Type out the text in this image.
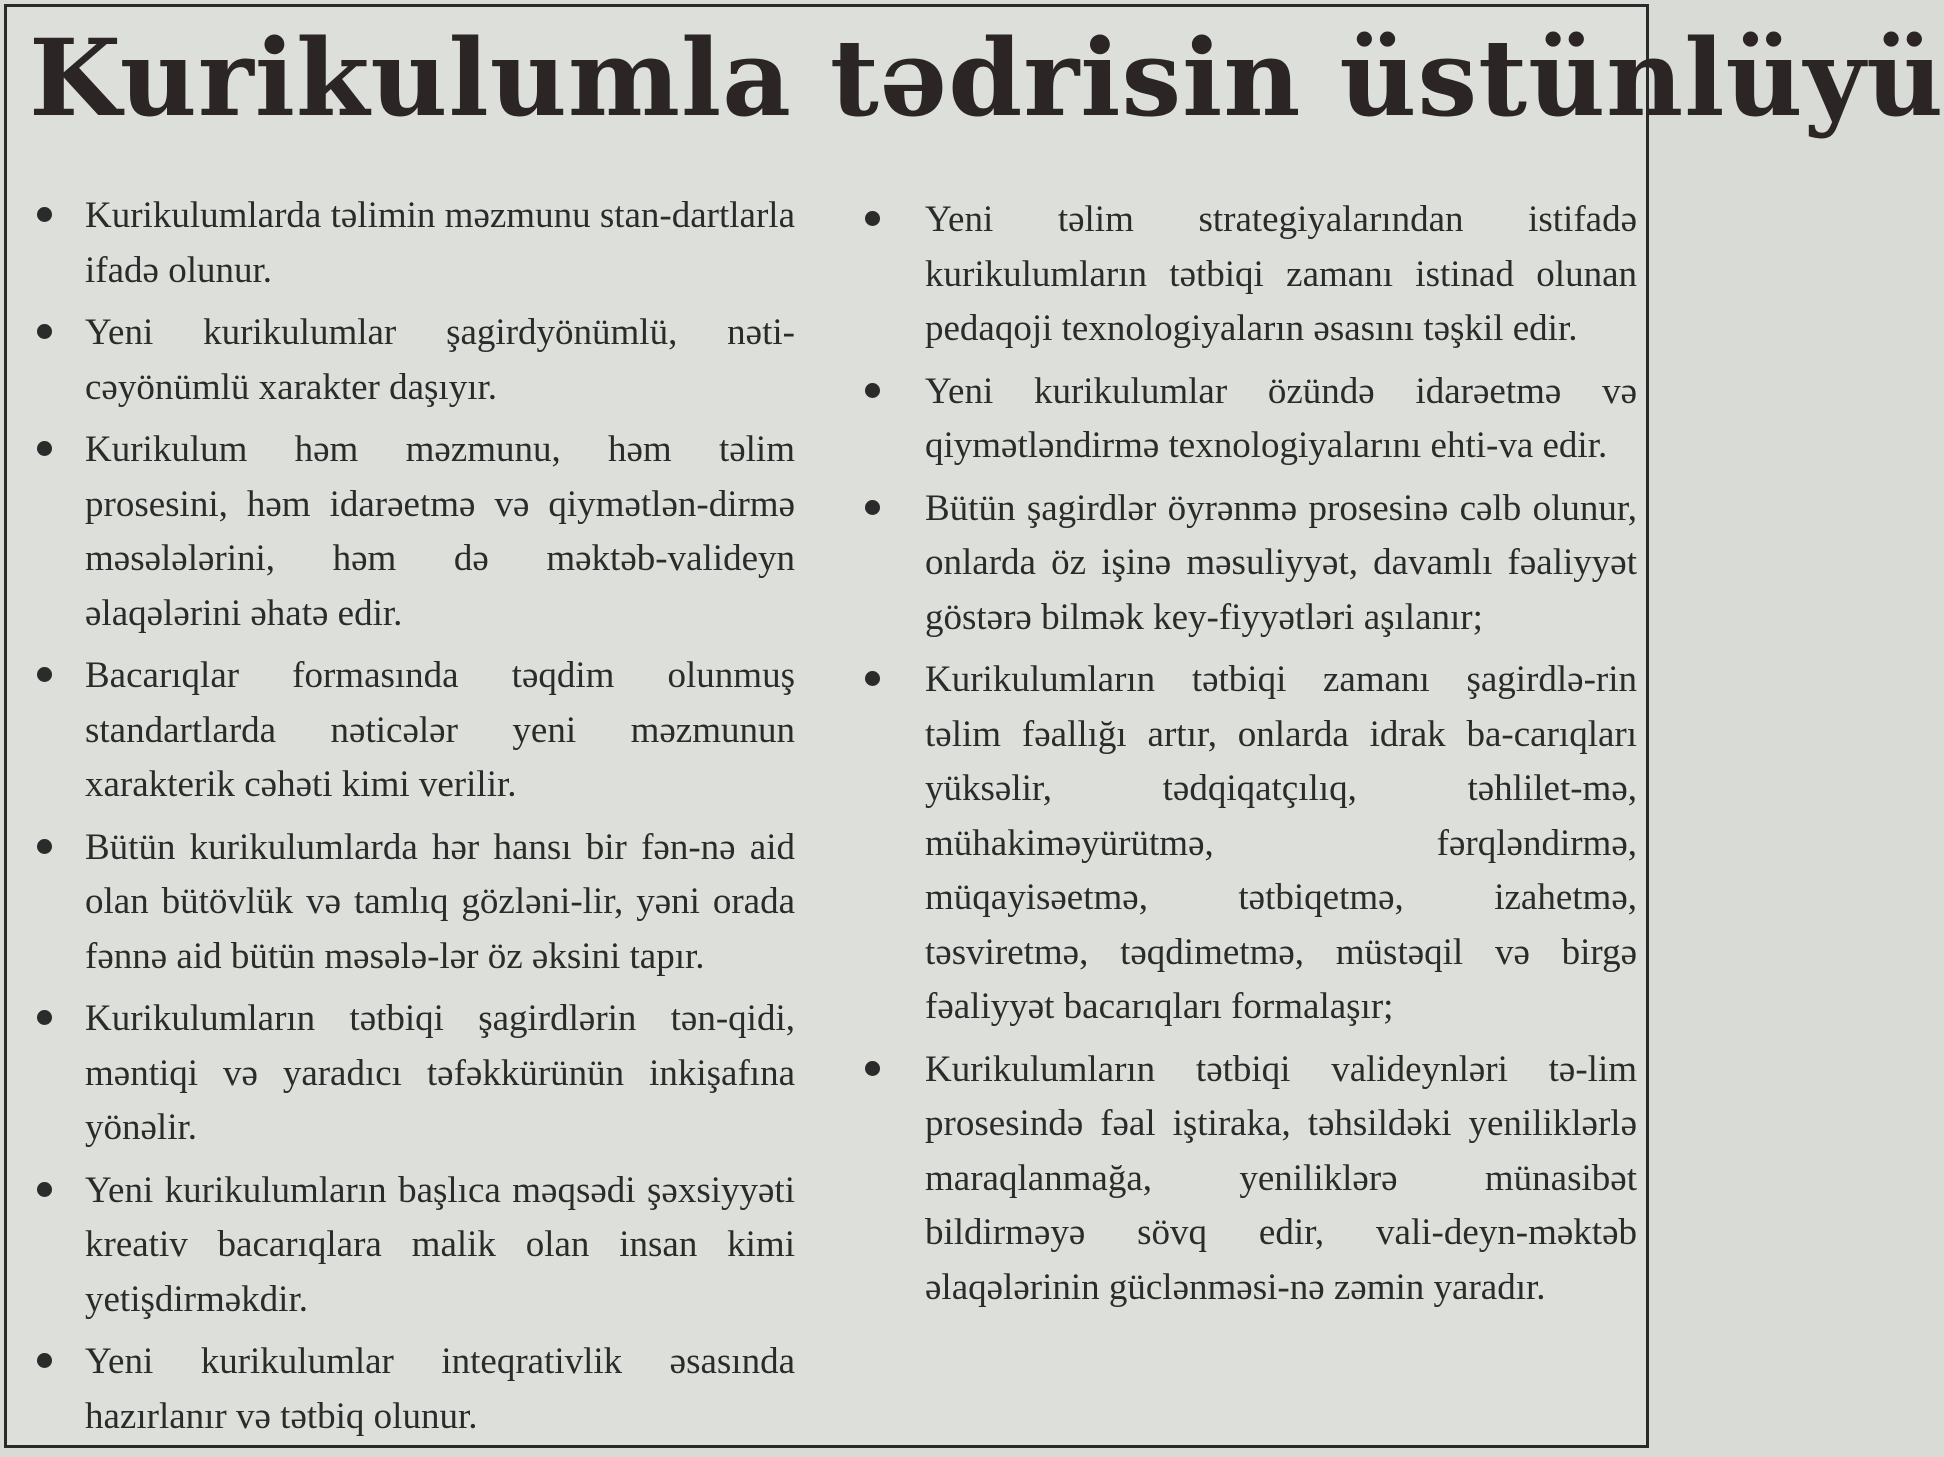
Kurikulumla tədrisin üstünlüyü
Kurikulumlarda təlimin məzmunu stan-dartlarla ifadə olunur.
Yeni kurikulumlar şagirdyönümlü, nəti-cəyönümlü xarakter daşıyır.
Kurikulum həm məzmunu, həm təlim prosesini, həm idarəetmə və qiymətlən-dirmə məsələlərini, həm də məktəb-valideyn əlaqələrini əhatə edir.
Bacarıqlar formasında təqdim olunmuş standartlarda nəticələr yeni məzmunun xarakterik cəhəti kimi verilir.
Bütün kurikulumlarda hər hansı bir fən-nə aid olan bütövlük və tamlıq gözləni-lir, yəni orada fənnə aid bütün məsələ-lər öz əksini tapır.
Kurikulumların tətbiqi şagirdlərin tən-qidi, məntiqi və yaradıcı təfəkkürünün inkişafına yönəlir.
Yeni kurikulumların başlıca məqsədi şəxsiyyəti kreativ bacarıqlara malik olan insan kimi yetişdirməkdir.
Yeni kurikulumlar inteqrativlik əsasında hazırlanır və tətbiq olunur.
Yeni təlim strategiyalarından istifadə kurikulumların tətbiqi zamanı istinad olunan pedaqoji texnologiyaların əsasını təşkil edir.
Yeni kurikulumlar özündə idarəetmə və qiymətləndirmə texnologiyalarını ehti-va edir.
Bütün şagirdlər öyrənmə prosesinə cəlb olunur, onlarda öz işinə məsuliyyət, davamlı fəaliyyət göstərə bilmək key-fiyyətləri aşılanır;
Kurikulumların tətbiqi zamanı şagirdlə-rin təlim fəallığı artır, onlarda idrak ba-carıqları yüksəlir, tədqiqatçılıq, təhlilet-mə, mühakiməyürütmə, fərqləndirmə, müqayisəetmə, tətbiqetmə, izahetmə, təsviretmə, təqdimetmə, müstəqil və birgə fəaliyyət bacarıqları formalaşır;
Kurikulumların tətbiqi valideynləri tə-lim prosesində fəal iştiraka, təhsildəki yeniliklərlə maraqlanmağa, yeniliklərə münasibət bildirməyə sövq edir, vali-deyn-məktəb əlaqələrinin güclənməsi-nə zəmin yaradır.
